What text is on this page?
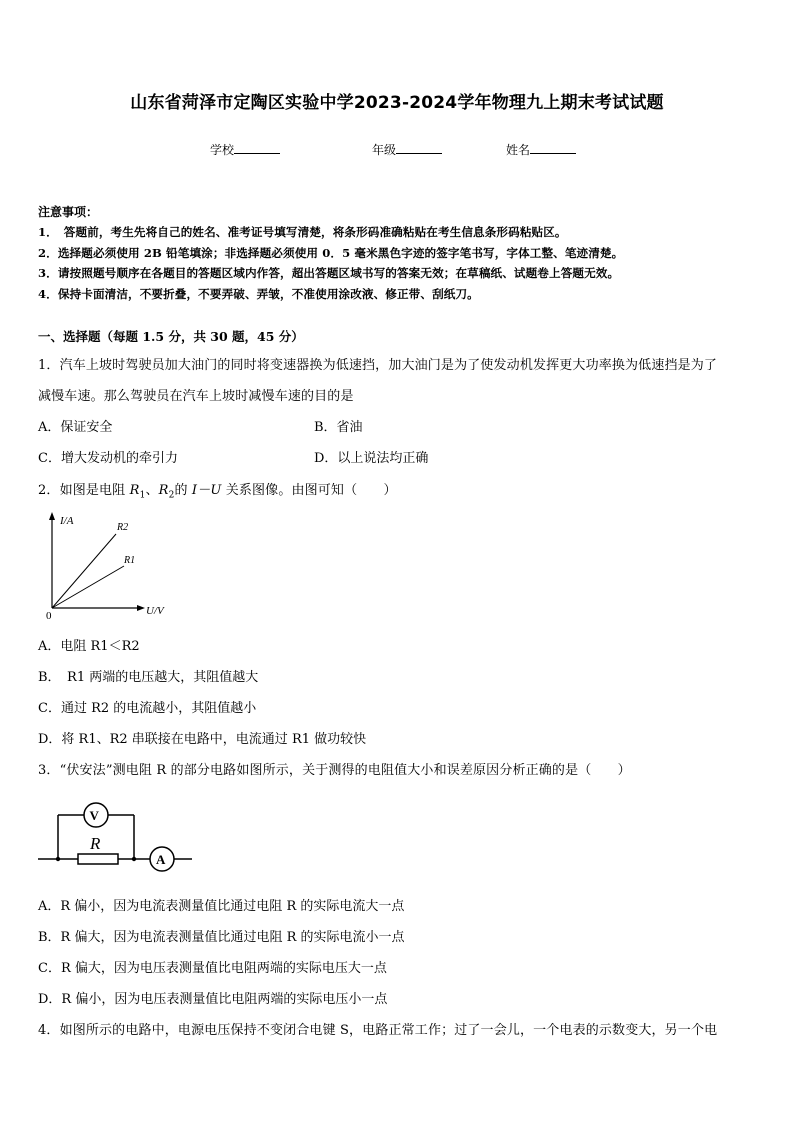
山东省菏泽市定陶区实验中学2023-2024学年物理九上期末考试试题
学校	年级	姓名
注意事项：
1．　答题前，考生先将自己的姓名、准考证号填写清楚，将条形码准确粘贴在考生信息条形码粘贴区。
2．选择题必须使用 2B 铅笔填涂；非选择题必须使用 0．5 毫米黑色字迹的签字笔书写，字体工整、笔迹清楚。
3．请按照题号顺序在各题目的答题区域内作答，超出答题区域书写的答案无效；在草稿纸、试题卷上答题无效。
4．保持卡面清洁，不要折叠，不要弄破、弄皱，不准使用涂改液、修正带、刮纸刀。
一、选择题（每题 1.5 分，共 30 题，45 分）
1．汽车上坡时驾驶员加大油门的同时将变速器换为低速挡，加大油门是为了使发动机发挥更大功率换为低速挡是为了
减慢车速。那么驾驶员在汽车上坡时减慢车速的目的是
A．保证安全	B．省油
C．增大发动机的牵引力	D．以上说法均正确
2．如图是电阻 $R_1$、$R_2$的 I－U 关系图像。由图可知（　　）
I/A
U/V
0
R2
R1
A．电阻 R1＜R2
B．　R1 两端的电压越大，其阻值越大
C．通过 R2 的电流越小，其阻值越小
D．将 R1、R2 串联接在电路中，电流通过 R1 做功较快
3．“伏安法”测电阻 R 的部分电路如图所示，关于测得的电阻值大小和误差原因分析正确的是（　　）
V
R
A
A．R 偏小，因为电流表测量值比通过电阻 R 的实际电流大一点
B．R 偏大，因为电流表测量值比通过电阻 R 的实际电流小一点
C．R 偏大，因为电压表测量值比电阻两端的实际电压大一点
D．R 偏小，因为电压表测量值比电阻两端的实际电压小一点
4．如图所示的电路中，电源电压保持不变闭合电键 S，电路正常工作；过了一会儿，一个电表的示数变大，另一个电
